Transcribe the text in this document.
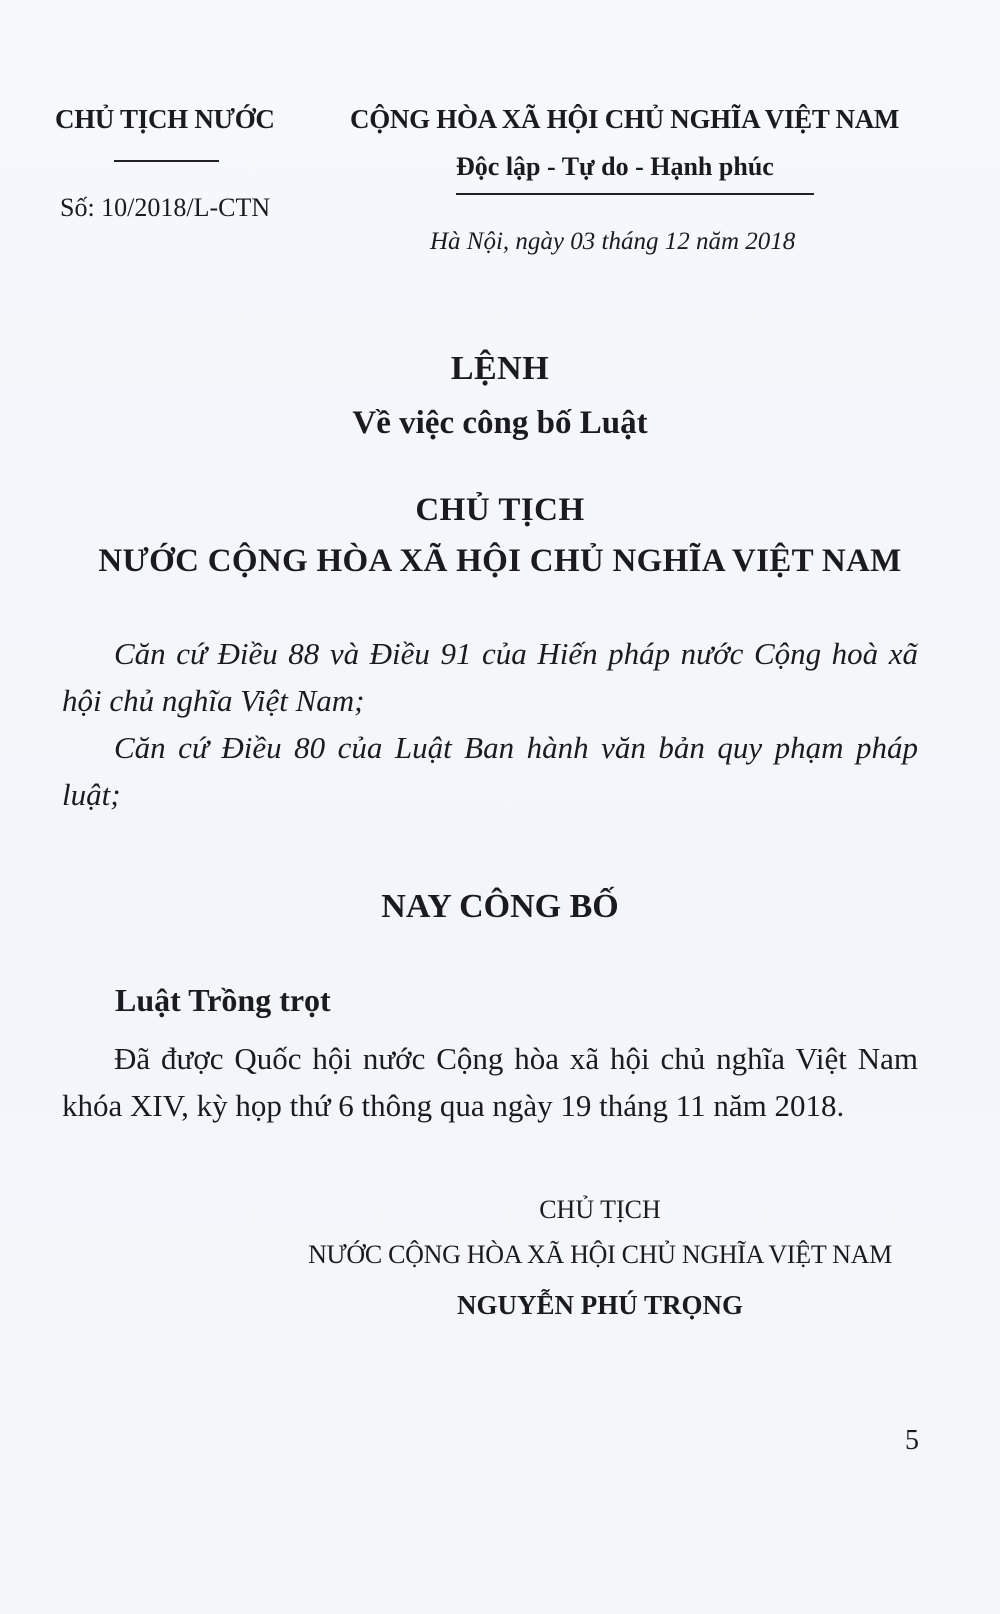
CHỦ TỊCH NƯỚC
Số: 10/2018/L-CTN
CỘNG HÒA XÃ HỘI CHỦ NGHĨA VIỆT NAM
Độc lập - Tự do - Hạnh phúc
Hà Nội, ngày 03 tháng 12 năm 2018
LỆNH
Về việc công bố Luật
CHỦ TỊCH
NƯỚC CỘNG HÒA XÃ HỘI CHỦ NGHĨA VIỆT NAM
Căn cứ Điều 88 và Điều 91 của Hiến pháp nước Cộng hoà xã hội chủ nghĩa Việt Nam;
Căn cứ Điều 80 của Luật Ban hành văn bản quy phạm pháp luật;
NAY CÔNG BỐ
Luật Trồng trọt
Đã được Quốc hội nước Cộng hòa xã hội chủ nghĩa Việt Nam khóa XIV, kỳ họp thứ 6 thông qua ngày 19 tháng 11 năm 2018.
CHỦ TỊCH
NƯỚC CỘNG HÒA XÃ HỘI CHỦ NGHĨA VIỆT NAM
NGUYỄN PHÚ TRỌNG
5
